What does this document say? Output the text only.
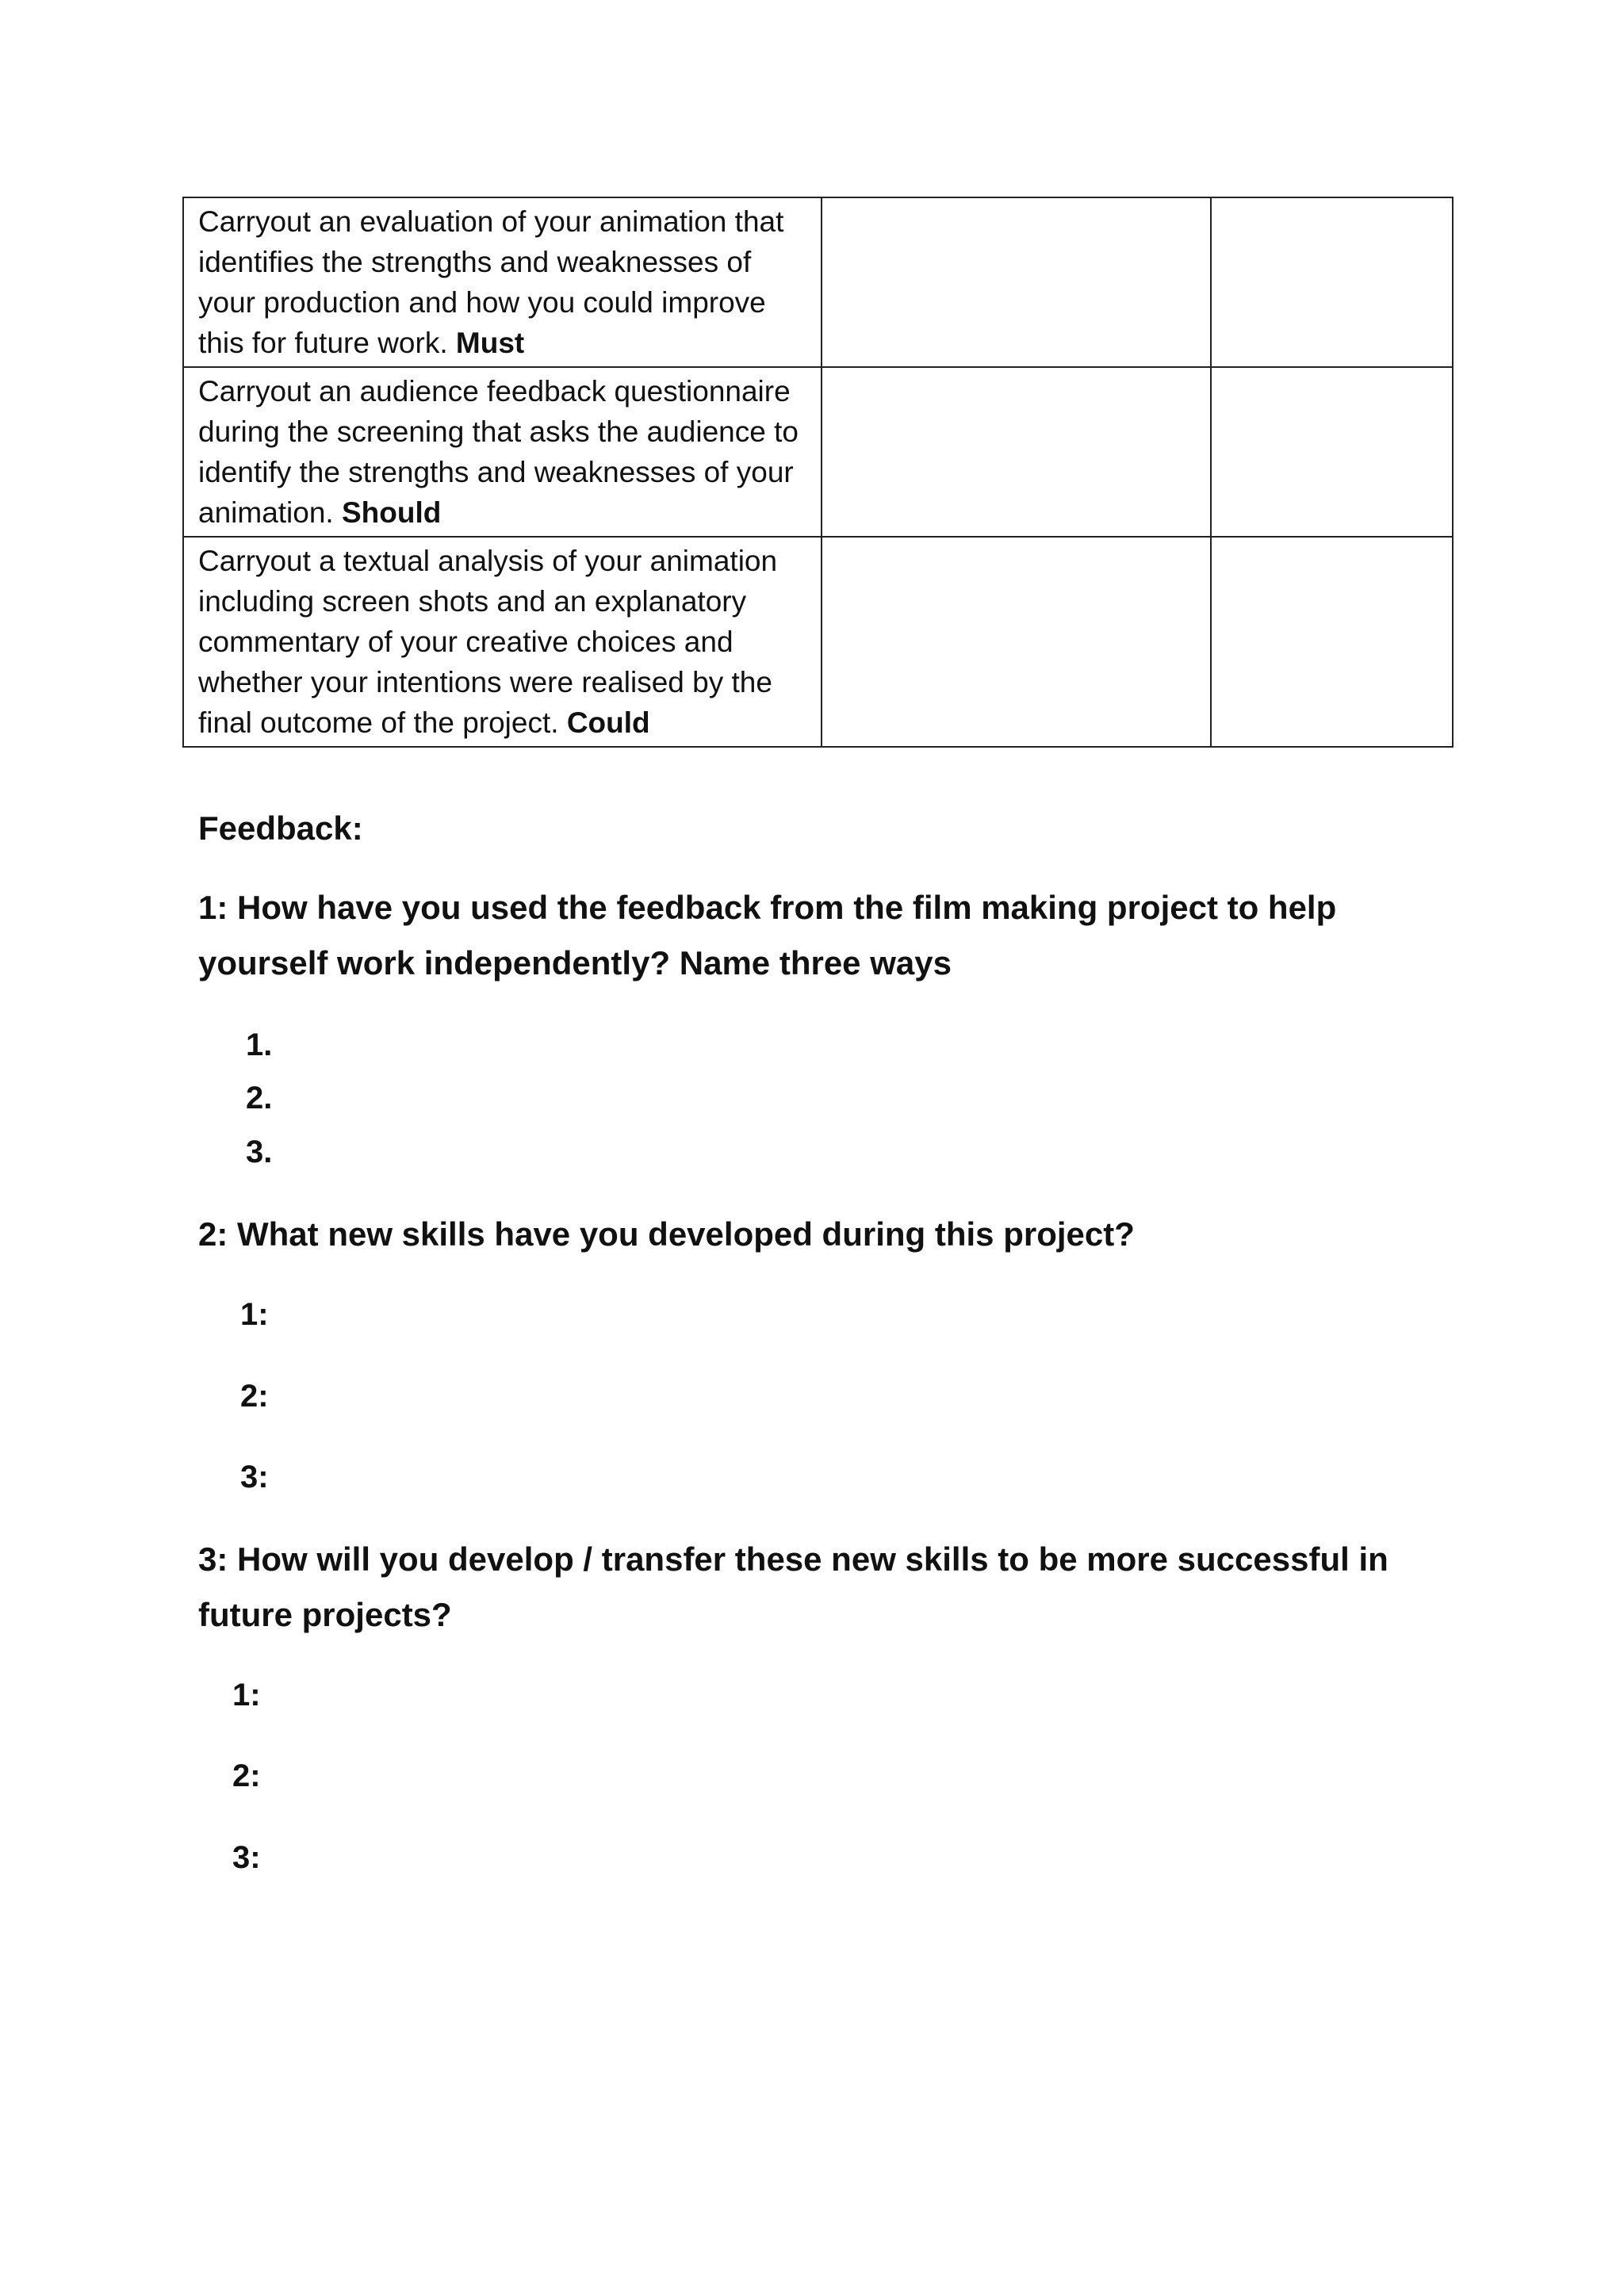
Carryout an evaluation of your animation that identifies the strengths and weaknesses of your production and how you could improve this for future work. Must		
Carryout an audience feedback questionnaire during the screening that asks the audience to identify the strengths and weaknesses of your animation. Should		
Carryout a textual analysis of your animation including screen shots and an explanatory commentary of your creative choices and whether your intentions were realised by the final outcome of the project. Could		
Feedback:

1: How have you used the feedback from the film making project to help yourself work independently? Name three ways

1.
2.
3.

2: What new skills have you developed during this project?

1:
2:
3:

3: How will you develop / transfer these new skills to be more successful in future projects?

1:
2:
3:
